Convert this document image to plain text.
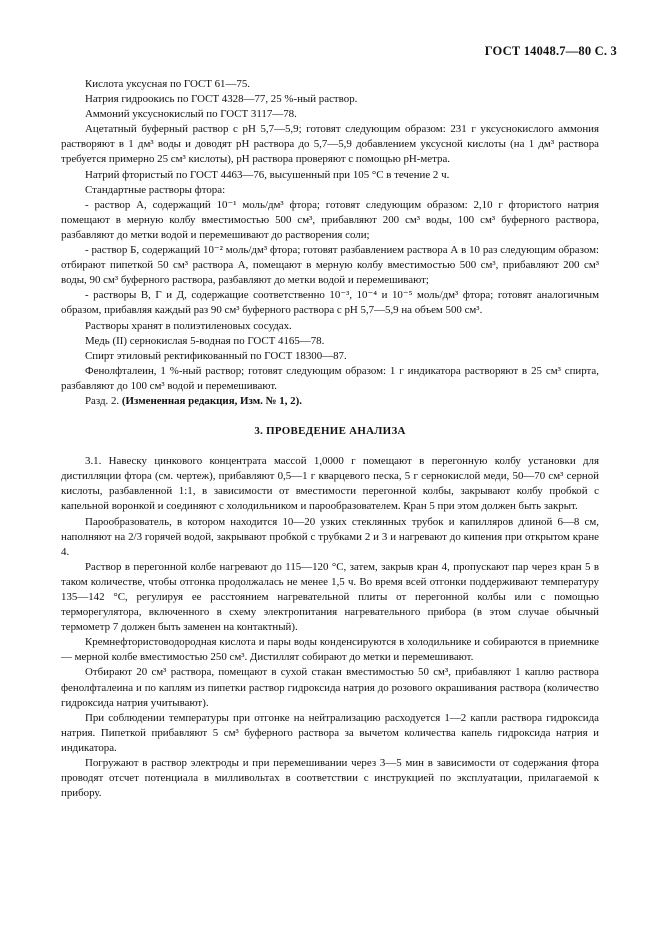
ГОСТ 14048.7—80 С. 3

Кислота уксусная по ГОСТ 61—75.

Натрия гидроокись по ГОСТ 4328—77, 25 %-ный раствор.

Аммоний уксуснокислый по ГОСТ 3117—78.

Ацетатный буферный раствор с pH 5,7—5,9; готовят следующим образом: 231 г уксуснокислого аммония растворяют в 1 дм³ воды и доводят pH раствора до 5,7—5,9 добавлением уксусной кислоты (на 1 дм³ раствора требуется примерно 25 см³ кислоты), pH раствора проверяют с помощью pH-метра.

Натрий фтористый по ГОСТ 4463—76, высушенный при 105 °C в течение 2 ч.

Стандартные растворы фтора:

- раствор А, содержащий 10⁻¹ моль/дм³ фтора; готовят следующим образом: 2,10 г фтористого натрия помещают в мерную колбу вместимостью 500 см³, прибавляют 200 см³ воды, 100 см³ буферного раствора, разбавляют до метки водой и перемешивают до растворения соли;

- раствор Б, содержащий 10⁻² моль/дм³ фтора; готовят разбавлением раствора А в 10 раз следующим образом: отбирают пипеткой 50 см³ раствора А, помещают в мерную колбу вместимостью 500 см³, прибавляют 200 см³ воды, 90 см³ буферного раствора, разбавляют до метки водой и перемешивают;

- растворы В, Г и Д, содержащие соответственно 10⁻³, 10⁻⁴ и 10⁻⁵ моль/дм³ фтора; готовят аналогичным образом, прибавляя каждый раз 90 см³ буферного раствора с pH 5,7—5,9 на объем 500 см³.

Растворы хранят в полиэтиленовых сосудах.

Медь (II) сернокислая 5-водная по ГОСТ 4165—78.

Спирт этиловый ректификованный по ГОСТ 18300—87.

Фенолфталеин, 1 %-ный раствор; готовят следующим образом: 1 г индикатора растворяют в 25 см³ спирта, разбавляют до 100 см³ водой и перемешивают.

Разд. 2. (Измененная редакция, Изм. № 1, 2).

3. ПРОВЕДЕНИЕ АНАЛИЗА

3.1. Навеску цинкового концентрата массой 1,0000 г помещают в перегонную колбу установки для дистилляции фтора (см. чертеж), прибавляют 0,5—1 г кварцевого песка, 5 г сернокислой меди, 50—70 см³ серной кислоты, разбавленной 1:1, в зависимости от вместимости перегонной колбы, закрывают колбу пробкой с капельной воронкой и соединяют с холодильником и парообразователем. Кран 5 при этом должен быть закрыт.

Парообразователь, в котором находится 10—20 узких стеклянных трубок и капилляров длиной 6—8 см, наполняют на 2/3 горячей водой, закрывают пробкой с трубками 2 и 3 и нагревают до кипения при открытом кране 4.

Раствор в перегонной колбе нагревают до 115—120 °C, затем, закрыв кран 4, пропускают пар через кран 5 в таком количестве, чтобы отгонка продолжалась не менее 1,5 ч. Во время всей отгонки поддерживают температуру 135—142 °C, регулируя ее расстоянием нагревательной плиты от перегонной колбы или с помощью терморегулятора, включенного в схему электропитания нагревательного прибора (в этом случае обычный термометр 7 должен быть заменен на контактный).

Кремнефтористоводородная кислота и пары воды конденсируются в холодильнике и собираются в приемнике — мерной колбе вместимостью 250 см³. Дистиллят собирают до метки и перемешивают.

Отбирают 20 см³ раствора, помещают в сухой стакан вместимостью 50 см³, прибавляют 1 каплю раствора фенолфталеина и по каплям из пипетки раствор гидроксида натрия до розового окрашивания раствора (количество гидроксида натрия учитывают).

При соблюдении температуры при отгонке на нейтрализацию расходуется 1—2 капли раствора гидроксида натрия. Пипеткой прибавляют 5 см³ буферного раствора за вычетом количества капель гидроксида натрия и индикатора.

Погружают в раствор электроды и при перемешивании через 3—5 мин в зависимости от содержания фтора проводят отсчет потенциала в милливольтах в соответствии с инструкцией по эксплуатации, прилагаемой к прибору.
